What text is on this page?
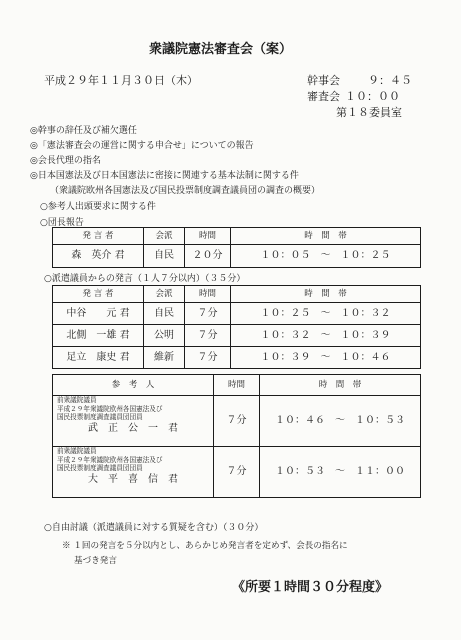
衆議院憲法審査会（案）
平成２９年１１月３０日（木）	幹事会	９：４５
審査会 １０：００
第１８委員室
◎幹事の辞任及び補欠選任
◎「憲法審査会の運営に関する申合せ」についての報告
◎会長代理の指名
◎日本国憲法及び日本国憲法に密接に関連する基本法制に関する件
（衆議院欧州各国憲法及び国民投票制度調査議員団の調査の概要）
○参考人出頭要求に関する件
○団長報告
発 言 者	会派	時間	時　間　帯
森　英介 君	自民	２０分	１０：０５　～　１０：２５
○派遣議員からの発言（１人７分以内）（３５分）
発 言 者	会派	時間	時　間　帯
中谷　　元 君	自民	７分	１０：２５　～　１０：３２
北側　一雄 君	公明	７分	１０：３２　～　１０：３９
足立　康史 君	維新	７分	１０：３９　～　１０：４６
参　考　人	時間	時　間　帯

前衆議院議員
平成２９年衆議院欧州各国憲法及び
国民投票制度調査議員団団員
武　正　公　一　君	７分	１０：４６　～　１０：５３

前衆議院議員
平成２９年衆議院欧州各国憲法及び
国民投票制度調査議員団団員
大　平　喜　信　君	７分	１０：５３　～　１１：００
○自由討議（派遣議員に対する質疑を含む）（３０分）
※ １回の発言を５分以内とし、あらかじめ発言者を定めず、会長の指名に
基づき発言
《所要１時間３０分程度》
